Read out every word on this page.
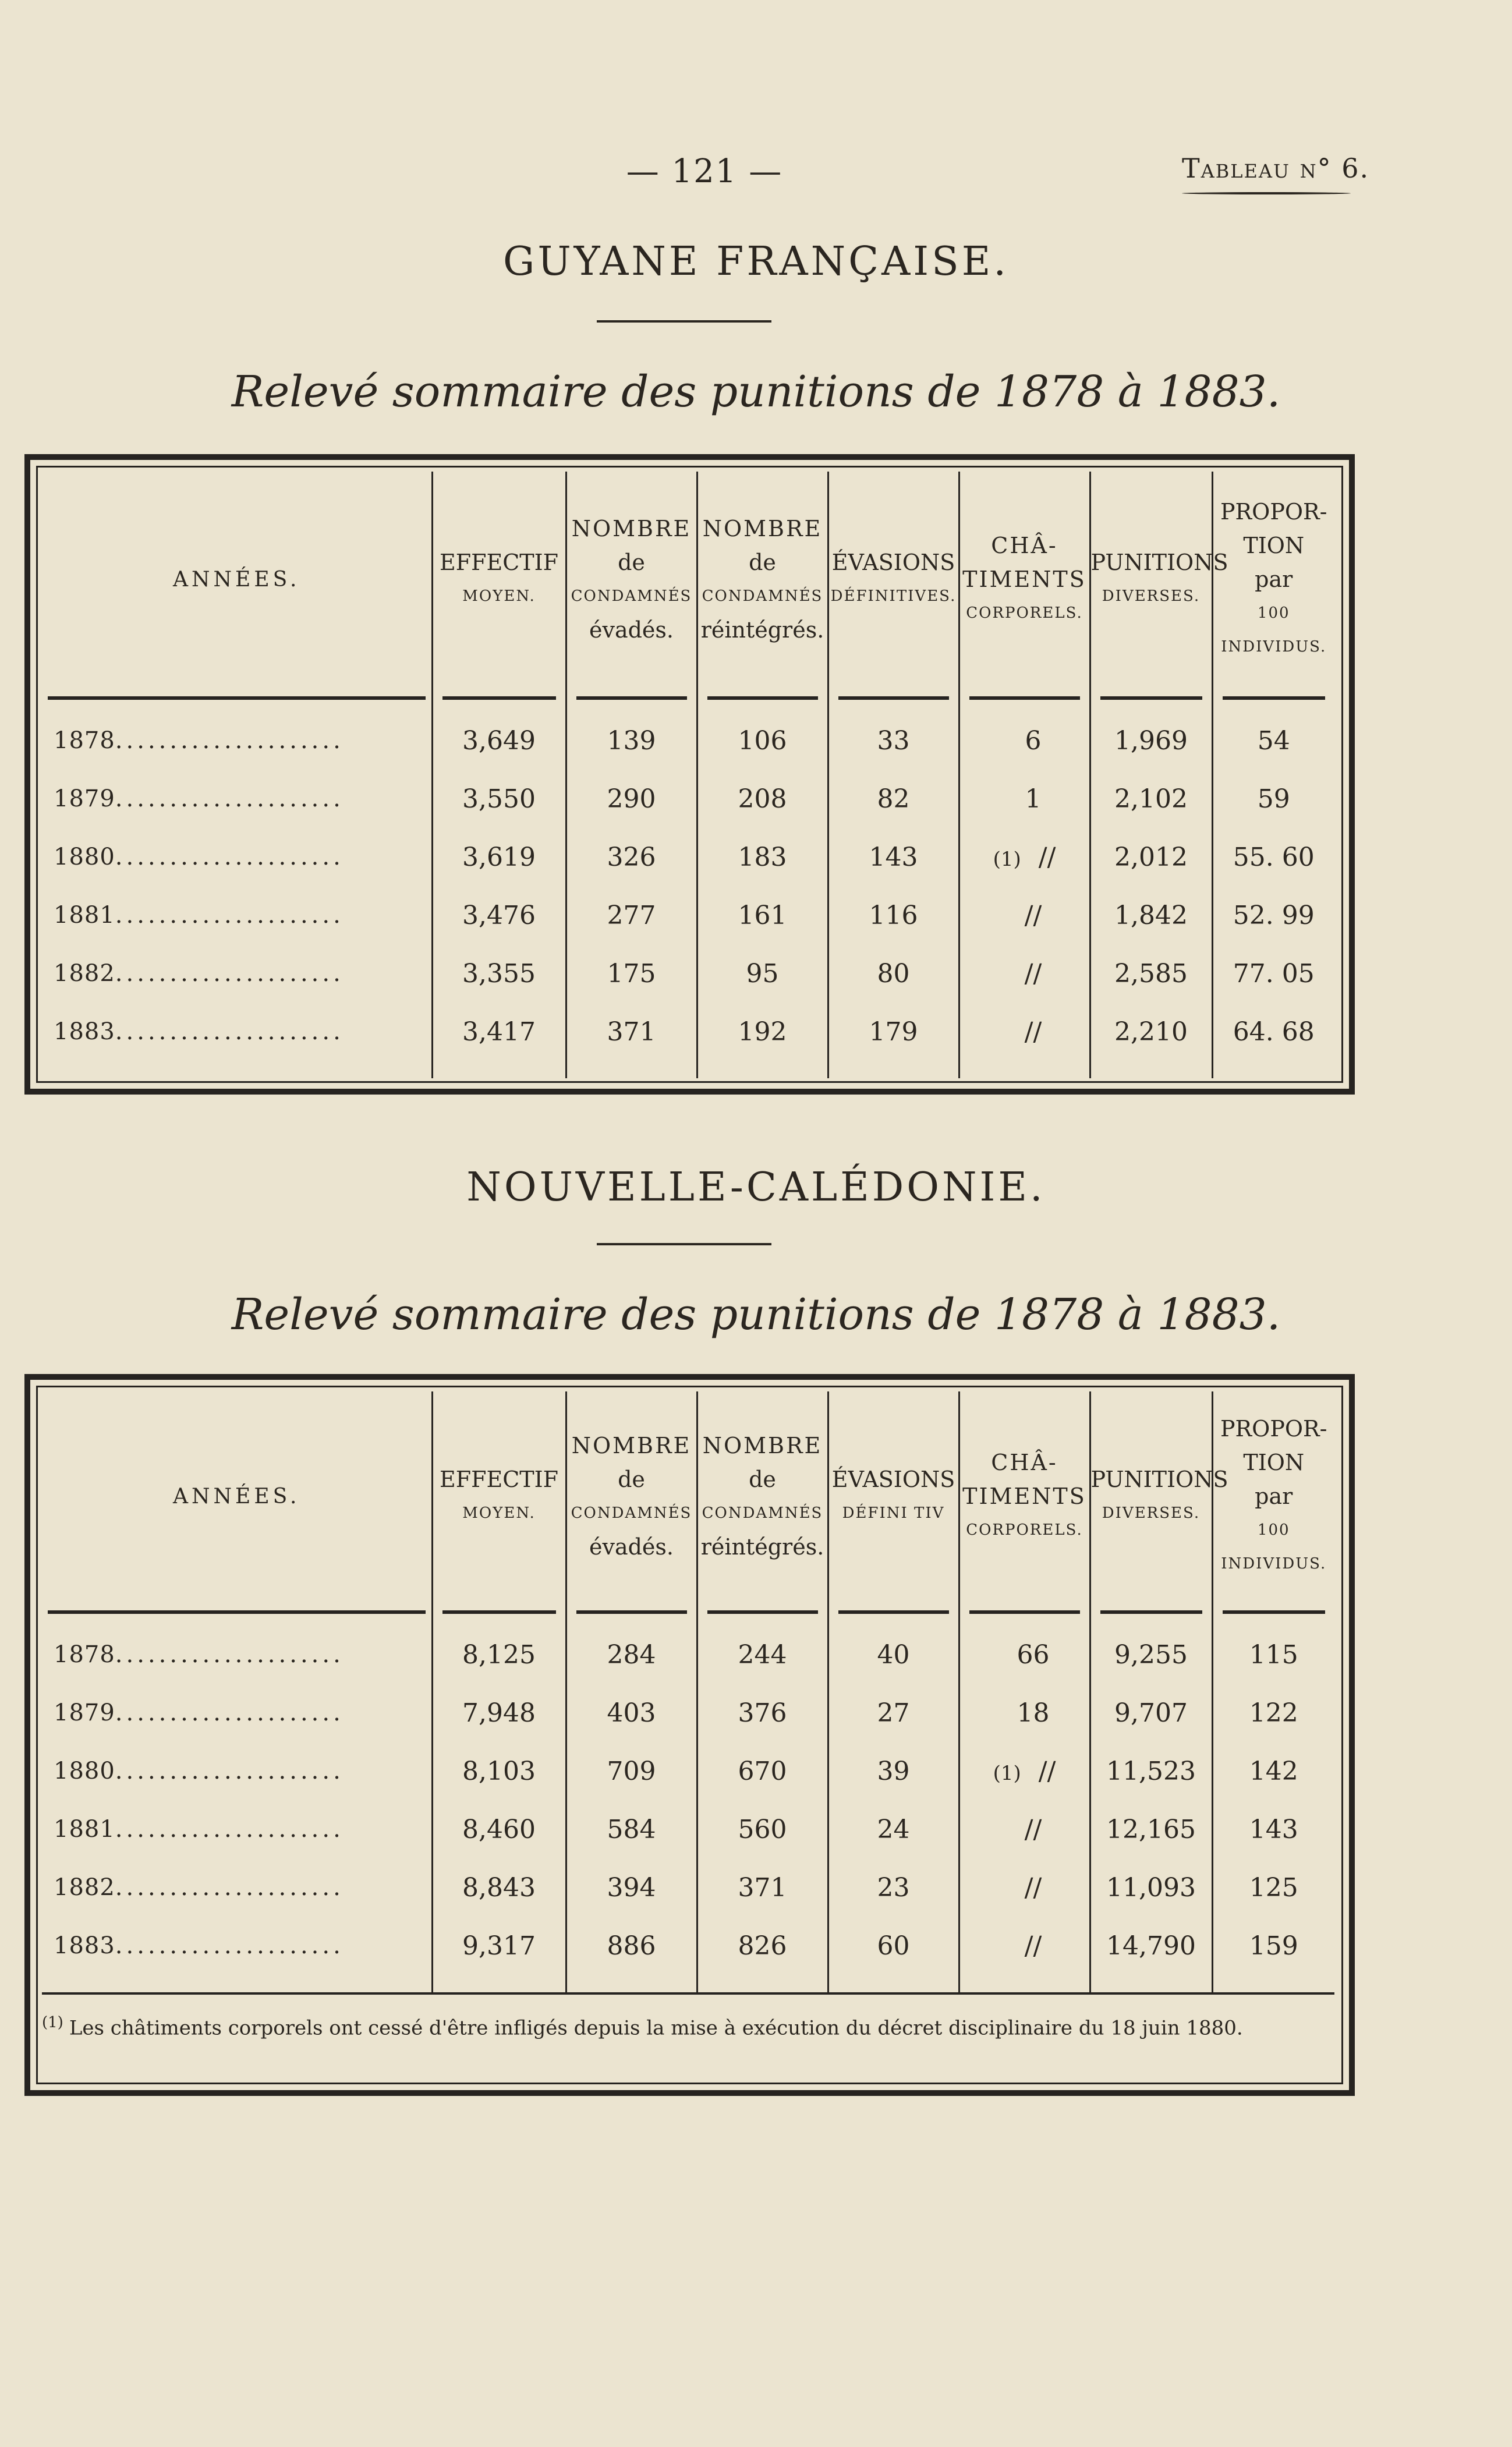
— 121 —	Tableau n° 6.
GUYANE FRANÇAISE.
Relevé sommaire des punitions de 1878 à 1883.
ANNÉES.	EFFECTIF
MOYEN.	NOMBRE
de
CONDAMNÉS
évadés.	NOMBRE
de
CONDAMNÉS
réintégrés.	ÉVASIONS
DÉFINITIVES.	CHÂ-
TIMENTS
CORPORELS.	PUNITIONS
DIVERSES.	PROPOR-
TION
par
100
INDIVIDUS.

1878.....................	3,649	139	106	33	6	1,969	54
1879.....................	3,550	290	208	82	1	2,102	59
1880.....................	3,619	326	183	143	(1) //	2,012	55. 60
1881.....................	3,476	277	161	116	//	1,842	52. 99
1882.....................	3,355	175	95	80	//	2,585	77. 05
1883.....................	3,417	371	192	179	//	2,210	64. 68

NOUVELLE-CALÉDONIE.
Relevé sommaire des punitions de 1878 à 1883.
ANNÉES.	EFFECTIF
MOYEN.	NOMBRE
de
CONDAMNÉS
évadés.	NOMBRE
de
CONDAMNÉS
réintégrés.	ÉVASIONS
DÉFINI TIV	CHÂ-
TIMENTS
CORPORELS.	PUNITIONS
DIVERSES.	PROPOR-
TION
par
100
INDIVIDUS.

1878.....................	8,125	284	244	40	66	9,255	115
1879.....................	7,948	403	376	27	18	9,707	122
1880.....................	8,103	709	670	39	(1) //	11,523	142
1881.....................	8,460	584	560	24	//	12,165	143
1882.....................	8,843	394	371	23	//	11,093	125
1883.....................	9,317	886	826	60	//	14,790	159

$^{(1)}$ Les châtiments corporels ont cessé d'être infligés depuis la mise à exécution du décret disciplinaire du 18 juin 1880.							
